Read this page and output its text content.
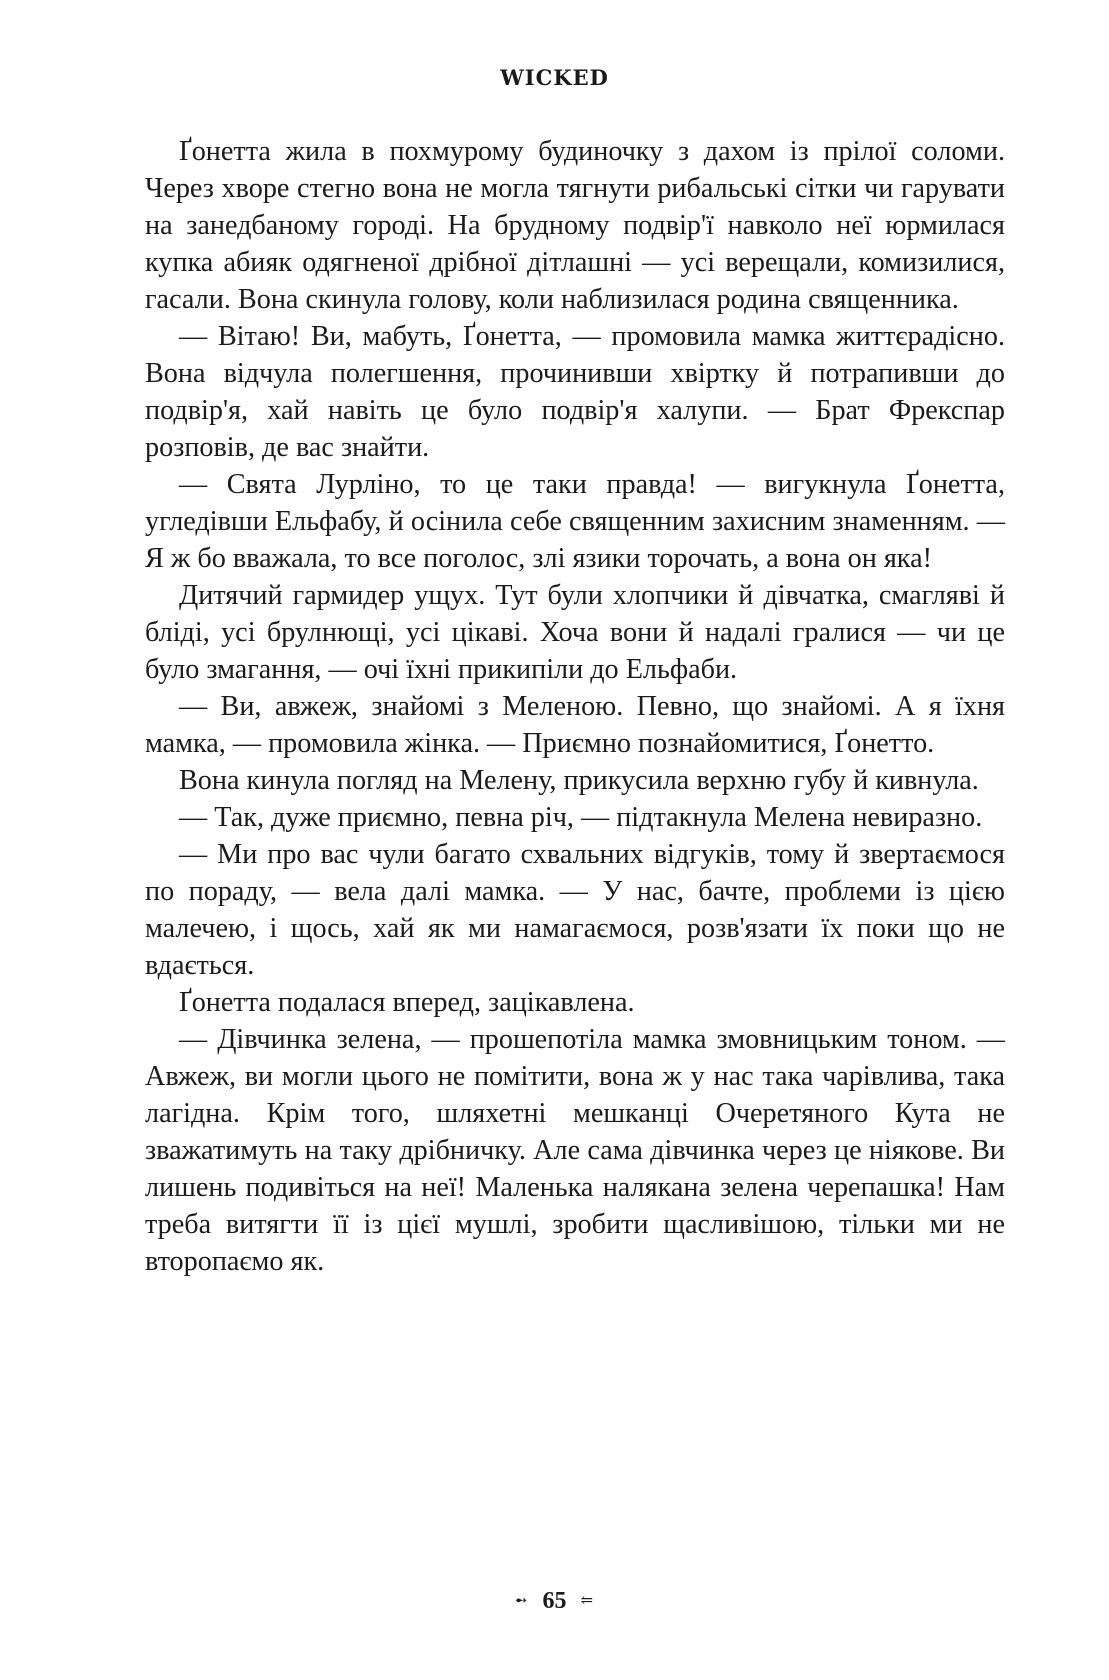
WICKED

Ґонетта жила в похмурому будиночку з дахом із прілої соломи. Через хворе стегно вона не могла тягнути рибальські сітки чи гарувати на занедбаному городі. На брудному подвір'ї навколо неї юрмилася купка абияк одягненої дрібної дітлашні — усі верещали, комизилися, гасали. Вона скинула голову, коли наблизилася родина священника.

— Вітаю! Ви, мабуть, Ґонетта, — промовила мамка життєрадісно. Вона відчула полегшення, прочинивши хвіртку й потрапивши до подвір'я, хай навіть це було подвір'я халупи. — Брат Фрекспар розповів, де вас знайти.

— Свята Лурліно, то це таки правда! — вигукнула Ґонетта, угледівши Ельфабу, й осінила себе священним захисним знаменням. — Я ж бо вважала, то все поголос, злі язики торочать, а вона он яка!

Дитячий гармидер ущух. Тут були хлопчики й дівчатка, смагляві й бліді, усі брулнющі, усі цікаві. Хоча вони й надалі гралися — чи це було змагання, — очі їхні прикипіли до Ельфаби.

— Ви, авжеж, знайомі з Меленою. Певно, що знайомі. А я їхня мамка, — промовила жінка. — Приємно познайомитися, Ґонетто.

Вона кинула погляд на Мелену, прикусила верхню губу й кивнула.

— Так, дуже приємно, певна річ, — підтакнула Мелена невиразно.

— Ми про вас чули багато схвальних відгуків, тому й звертаємося по пораду, — вела далі мамка. — У нас, бачте, проблеми із цією малечею, і щось, хай як ми намагаємося, розв'язати їх поки що не вдається.

Ґонетта подалася вперед, зацікавлена.

— Дівчинка зелена, — прошепотіла мамка змовницьким тоном. — Авжеж, ви могли цього не помітити, вона ж у нас така чарівлива, така лагідна. Крім того, шляхетні мешканці Очеретяного Кута не зважатимуть на таку дрібничку. Але сама дівчинка через це ніякове. Ви лишень подивіться на неї! Маленька налякана зелена черепашка! Нам треба витягти її із цієї мушлі, зробити щасливішою, тільки ми не второпаємо як.

➻ 65 ⥢
